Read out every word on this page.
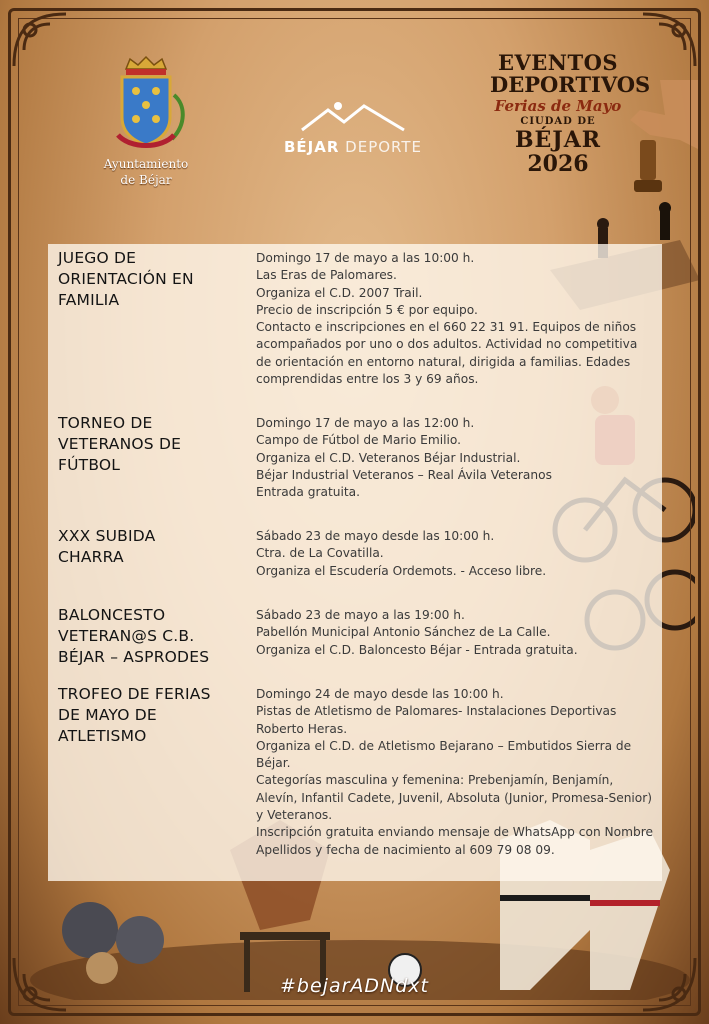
Ayuntamiento
de Béjar
BÉJAR DEPORTE
EVENTOS
DEPORTIVOS
Ferias de Mayo
CIUDAD DE
BÉJAR
2026
JUEGO DE ORIENTACIÓN EN FAMILIA
Domingo 17 de mayo a las 10:00 h.
Las Eras de Palomares.
Organiza el C.D. 2007 Trail.
Precio de inscripción 5 € por equipo.
Contacto e inscripciones en el 660 22 31 91. Equipos de niños acompañados por uno o dos adultos. Actividad no competitiva de orientación en entorno natural, dirigida a familias. Edades comprendidas entre los 3 y 69 años.
TORNEO DE VETERANOS DE FÚTBOL
Domingo 17 de mayo a las 12:00 h.
Campo de Fútbol de Mario Emilio.
Organiza el C.D. Veteranos Béjar Industrial.
Béjar Industrial Veteranos – Real Ávila Veteranos
Entrada gratuita.
XXX SUBIDA CHARRA
Sábado 23 de mayo desde las 10:00 h.
Ctra. de La Covatilla.
Organiza el Escudería Ordemots. - Acceso libre.
BALONCESTO VETERAN@S C.B. BÉJAR – ASPRODES
Sábado 23 de mayo a las 19:00 h.
Pabellón Municipal Antonio Sánchez de La Calle.
Organiza el C.D. Baloncesto Béjar - Entrada gratuita.
TROFEO DE FERIAS DE MAYO DE ATLETISMO
Domingo 24 de mayo desde las 10:00 h.
Pistas de Atletismo de Palomares- Instalaciones Deportivas Roberto Heras.
Organiza el C.D. de Atletismo Bejarano – Embutidos Sierra de Béjar.
Categorías masculina y femenina: Prebenjamín, Benjamín, Alevín, Infantil Cadete, Juvenil, Absoluta (Junior, Promesa-Senior) y Veteranos.
Inscripción gratuita enviando mensaje de WhatsApp con Nombre Apellidos y fecha de nacimiento al 609 79 08 09.
#bejarADNdxt
